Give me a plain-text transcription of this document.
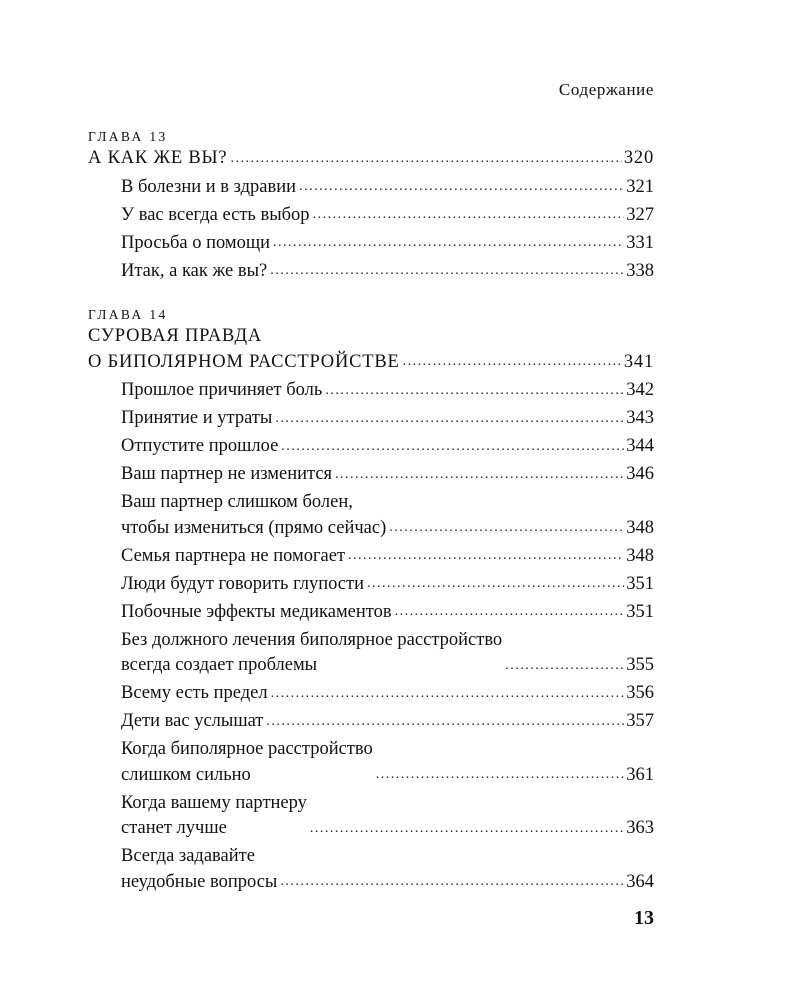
Содержание
ГЛАВА 13
А КАК ЖЕ ВЫ? .....	320
В болезни и в здравии .....	321
У вас всегда есть выбор .....	327
Просьба о помощи .....	331
Итак, а как же вы? .....	338
ГЛАВА 14
СУРОВАЯ ПРАВДА
О БИПОЛЯРНОМ РАССТРОЙСТВЕ .....	341
Прошлое причиняет боль .....	342
Принятие и утраты .....	343
Отпустите прошлое .....	344
Ваш партнер не изменится .....	346
Ваш партнер слишком болен,
чтобы измениться (прямо сейчас) .....	348
Семья партнера не помогает .....	348
Люди будут говорить глупости .....	351
Побочные эффекты медикаментов .....	351
Без должного лечения биполярное расстройство
всегда создает проблемы .....	355
Всему есть предел .....	356
Дети вас услышат .....	357
Когда биполярное расстройство
слишком сильно .....	361
Когда вашему партнеру
станет лучше .....	363
Всегда задавайте
неудобные вопросы .....	364
13
